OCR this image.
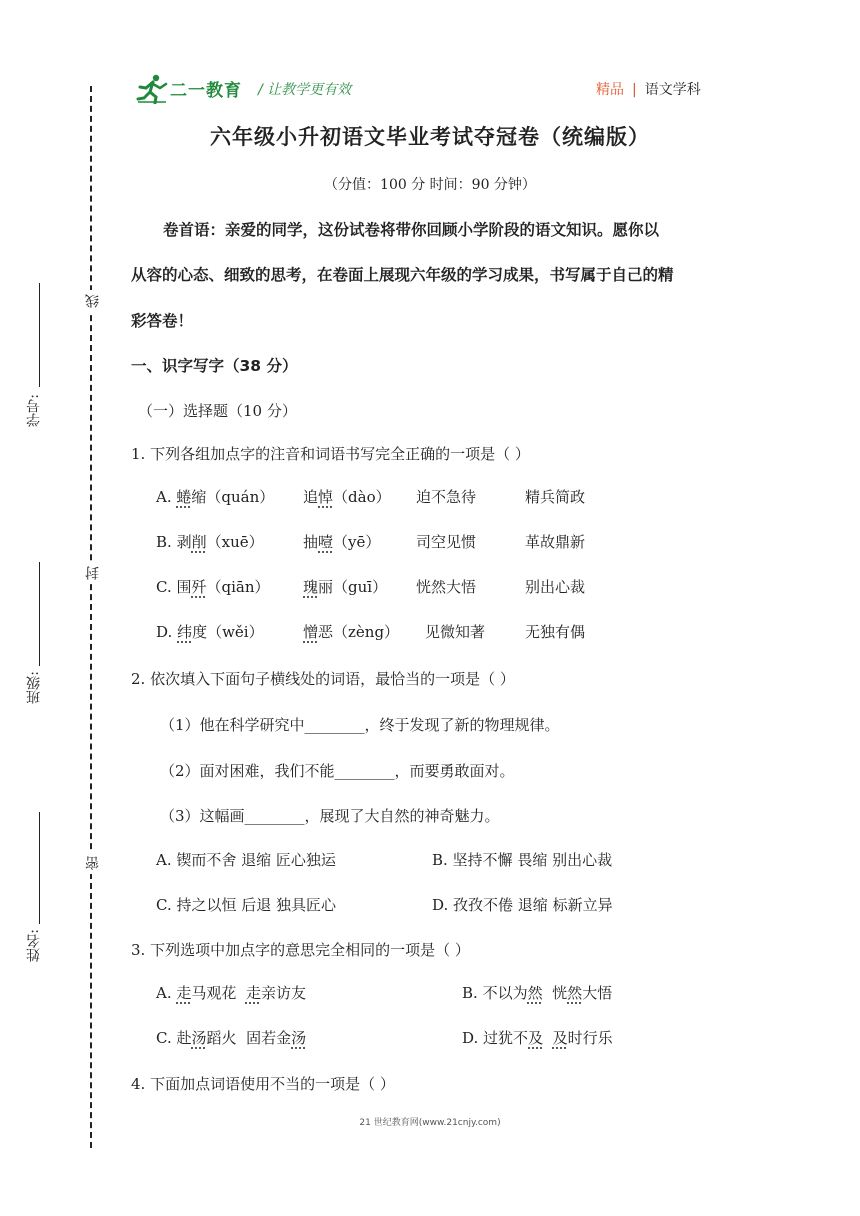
二一教育 / 让教学更有效	精品 | 语文学科
线
封
密
学号:
班级:
姓名:
六年级小升初语文毕业考试夺冠卷（统编版）
（分值：100 分 时间：90 分钟）
卷首语：亲爱的同学，这份试卷将带你回顾小学阶段的语文知识。愿你以
从容的心态、细致的思考，在卷面上展现六年级的学习成果，书写属于自己的精
彩答卷！
一、识字写字（38 分）
（一）选择题（10 分）
1. 下列各组加点字的注音和词语书写完全正确的一项是（ ）
A. 蜷缩（quán） 追悼（dào） 迫不急待	精兵简政
B. 剥削（xuē）	抽噎（yē） 司空见惯	革故鼎新
C. 围歼（qiān） 瑰丽（guī） 恍然大悟	别出心裁
D. 纬度（wěi）	憎恶（zèng） 见微知著	无独有偶
2. 依次填入下面句子横线处的词语，最恰当的一项是（ ）
（1）他在科学研究中________，终于发现了新的物理规律。
（2）面对困难，我们不能________，而要勇敢面对。
（3）这幅画________，展现了大自然的神奇魅力。
A. 锲而不舍 退缩 匠心独运	B. 坚持不懈 畏缩 别出心裁
C. 持之以恒 后退 独具匠心	D. 孜孜不倦 退缩 标新立异
3. 下列选项中加点字的意思完全相同的一项是（ ）
A. 走马观花 走亲访友	B. 不以为然 恍然大悟
C. 赴汤蹈火 固若金汤	D. 过犹不及 及时行乐
4. 下面加点词语使用不当的一项是（ ）
21 世纪教育网(www.21cnjy.com)
